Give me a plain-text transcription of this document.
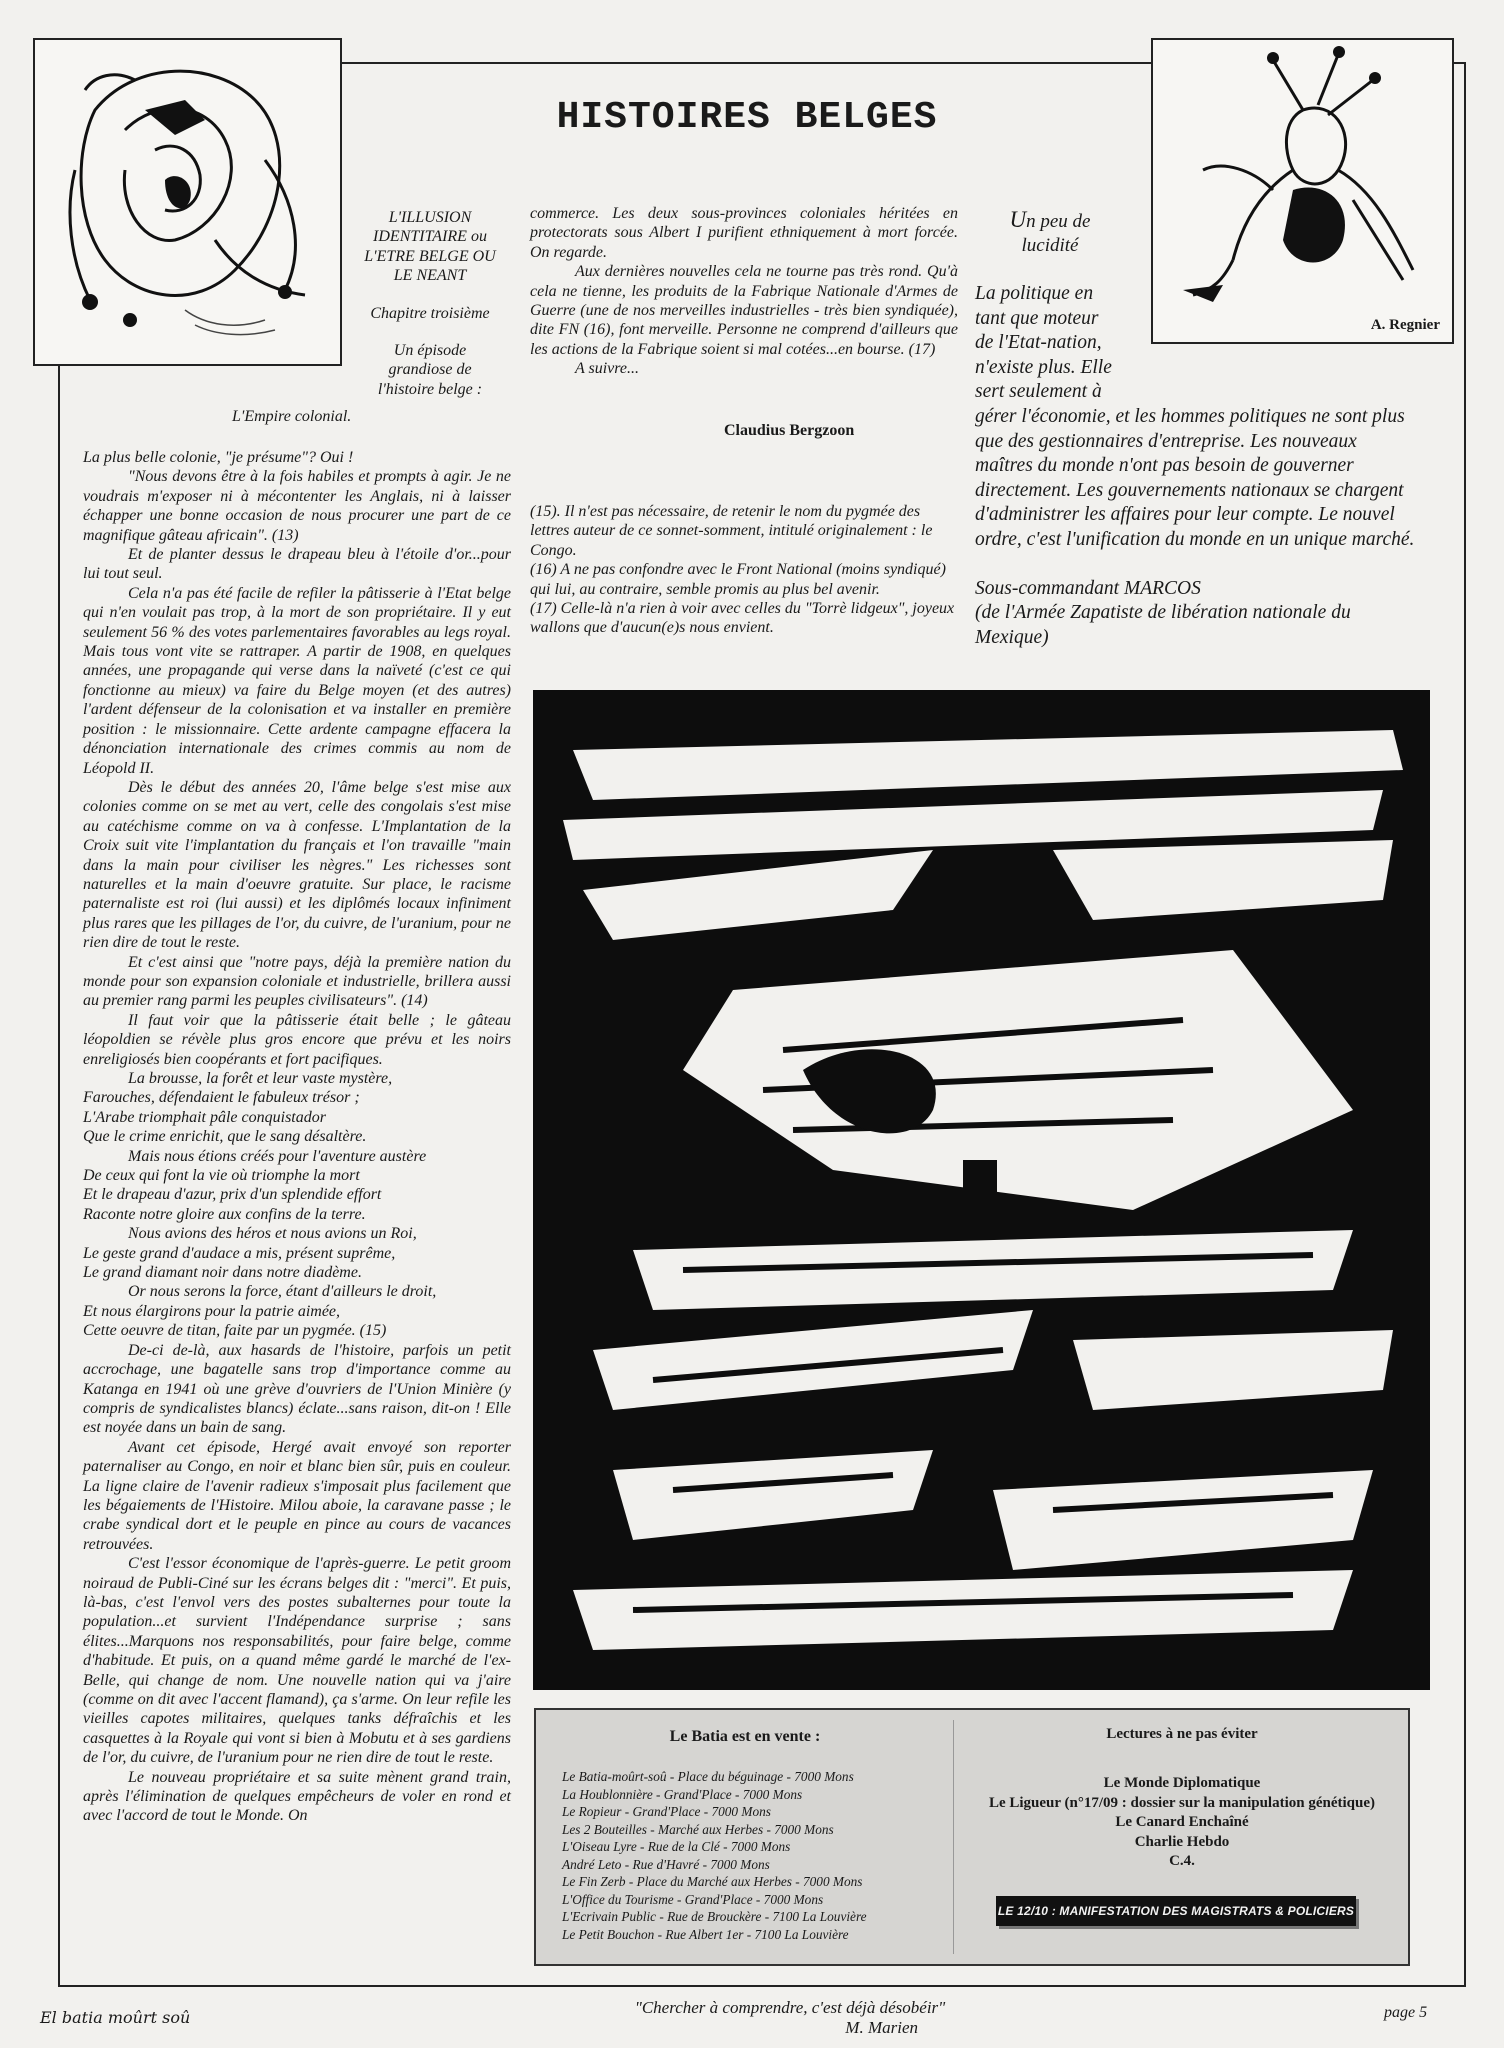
A. Regnier
HISTOIRES BELGES
L'ILLUSION IDENTITAIRE ou L'ETRE BELGE OU LE NEANT
Chapitre troisième
Un épisode grandiose de l'histoire belge :
L'Empire colonial.

La plus belle colonie, "je présume"? Oui !

"Nous devons être à la fois habiles et prompts à agir. Je ne voudrais m'exposer ni à mécontenter les Anglais, ni à laisser échapper une bonne occasion de nous procurer une part de ce magnifique gâteau africain". (13)

Et de planter dessus le drapeau bleu à l'étoile d'or...pour lui tout seul.

Cela n'a pas été facile de refiler la pâtisserie à l'Etat belge qui n'en voulait pas trop, à la mort de son propriétaire. Il y eut seulement 56 % des votes parlementaires favorables au legs royal. Mais tous vont vite se rattraper. A partir de 1908, en quelques années, une propagande qui verse dans la naïveté (c'est ce qui fonctionne au mieux) va faire du Belge moyen (et des autres) l'ardent défenseur de la colonisation et va installer en première position : le missionnaire. Cette ardente campagne effacera la dénonciation internationale des crimes commis au nom de Léopold II.

Dès le début des années 20, l'âme belge s'est mise aux colonies comme on se met au vert, celle des congolais s'est mise au catéchisme comme on va à confesse. L'Implantation de la Croix suit vite l'implantation du français et l'on travaille "main dans la main pour civiliser les nègres." Les richesses sont naturelles et la main d'oeuvre gratuite. Sur place, le racisme paternaliste est roi (lui aussi) et les diplômés locaux infiniment plus rares que les pillages de l'or, du cuivre, de l'uranium, pour ne rien dire de tout le reste.

Et c'est ainsi que "notre pays, déjà la première nation du monde pour son expansion coloniale et industrielle, brillera aussi au premier rang parmi les peuples civilisateurs". (14)

Il faut voir que la pâtisserie était belle ; le gâteau léopoldien se révèle plus gros encore que prévu et les noirs enreligiosés bien coopérants et fort pacifiques.

La brousse, la forêt et leur vaste mystère,

Farouches, défendaient le fabuleux trésor ;

L'Arabe triomphait pâle conquistador

Que le crime enrichit, que le sang désaltère.

Mais nous étions créés pour l'aventure austère

De ceux qui font la vie où triomphe la mort

Et le drapeau d'azur, prix d'un splendide effort

Raconte notre gloire aux confins de la terre.

Nous avions des héros et nous avions un Roi,

Le geste grand d'audace a mis, présent suprême,

Le grand diamant noir dans notre diadème.

Or nous serons la force, étant d'ailleurs le droit,

Et nous élargirons pour la patrie aimée,

Cette oeuvre de titan, faite par un pygmée. (15)

De-ci de-là, aux hasards de l'histoire, parfois un petit accrochage, une bagatelle sans trop d'importance comme au Katanga en 1941 où une grève d'ouvriers de l'Union Minière (y compris de syndicalistes blancs) éclate...sans raison, dit-on ! Elle est noyée dans un bain de sang.

Avant cet épisode, Hergé avait envoyé son reporter paternaliser au Congo, en noir et blanc bien sûr, puis en couleur. La ligne claire de l'avenir radieux s'imposait plus facilement que les bégaiements de l'Histoire. Milou aboie, la caravane passe ; le crabe syndical dort et le peuple en pince au cours de vacances retrouvées.

C'est l'essor économique de l'après-guerre. Le petit groom noiraud de Publi-Ciné sur les écrans belges dit : "merci". Et puis, là-bas, c'est l'envol vers des postes subalternes pour toute la population...et survient l'Indépendance surprise ; sans élites...Marquons nos responsabilités, pour faire belge, comme d'habitude. Et puis, on a quand même gardé le marché de l'ex-Belle, qui change de nom. Une nouvelle nation qui va j'aire (comme on dit avec l'accent flamand), ça s'arme. On leur refile les vieilles capotes militaires, quelques tanks défraîchis et les casquettes à la Royale qui vont si bien à Mobutu et à ses gardiens de l'or, du cuivre, de l'uranium pour ne rien dire de tout le reste.

Le nouveau propriétaire et sa suite mènent grand train, après l'élimination de quelques empêcheurs de voler en rond et avec l'accord de tout le Monde. On

commerce. Les deux sous-provinces coloniales héritées en protectorats sous Albert I purifient ethniquement à mort forcée. On regarde.

Aux dernières nouvelles cela ne tourne pas très rond. Qu'à cela ne tienne, les produits de la Fabrique Nationale d'Armes de Guerre (une de nos merveilles industrielles - très bien syndiquée), dite FN (16), font merveille. Personne ne comprend d'ailleurs que les actions de la Fabrique soient si mal cotées...en bourse. (17)

A suivre...

Claudius Bergzoon

(15). Il n'est pas nécessaire, de retenir le nom du pygmée des lettres auteur de ce sonnet-somment, intitulé originalement : le Congo.

(16) A ne pas confondre avec le Front National (moins syndiqué) qui lui, au contraire, semble promis au plus bel avenir.

(17) Celle-là n'a rien à voir avec celles du "Torrè lidgeux", joyeux wallons que d'aucun(e)s nous envient.

Un peu de
lucidité
La politique en
tant que moteur
de l'Etat-nation,
n'existe plus. Elle
sert seulement à

gérer l'économie, et les hommes politiques ne sont plus que des gestionnaires d'entreprise. Les nouveaux maîtres du monde n'ont pas besoin de gouverner directement. Les gouvernements nationaux se chargent d'administrer les affaires pour leur compte. Le nouvel ordre, c'est l'unification du monde en un unique marché.

Sous-commandant MARCOS
(de l'Armée Zapatiste de libération nationale du Mexique)
Le Batia est en vente :
Le Batia-moûrt-soû - Place du béguinage - 7000 Mons
La Houblonnière - Grand'Place - 7000 Mons
Le Ropieur - Grand'Place - 7000 Mons
Les 2 Bouteilles - Marché aux Herbes - 7000 Mons
L'Oiseau Lyre - Rue de la Clé - 7000 Mons
André Leto - Rue d'Havré - 7000 Mons
Le Fin Zerb - Place du Marché aux Herbes - 7000 Mons
L'Office du Tourisme - Grand'Place - 7000 Mons
L'Ecrivain Public - Rue de Brouckère - 7100 La Louvière
Le Petit Bouchon - Rue Albert 1er - 7100 La Louvière
Lectures à ne pas éviter
Le Monde Diplomatique
Le Ligueur (n°17/09 : dossier sur la manipulation génétique)
Le Canard Enchaîné
Charlie Hebdo
C.4.
LE 12/10 : MANIFESTATION DES MAGISTRATS & POLICIERS
El batia moûrt soû
"Chercher à comprendre, c'est déjà désobéir"
M. Marien
page 5
